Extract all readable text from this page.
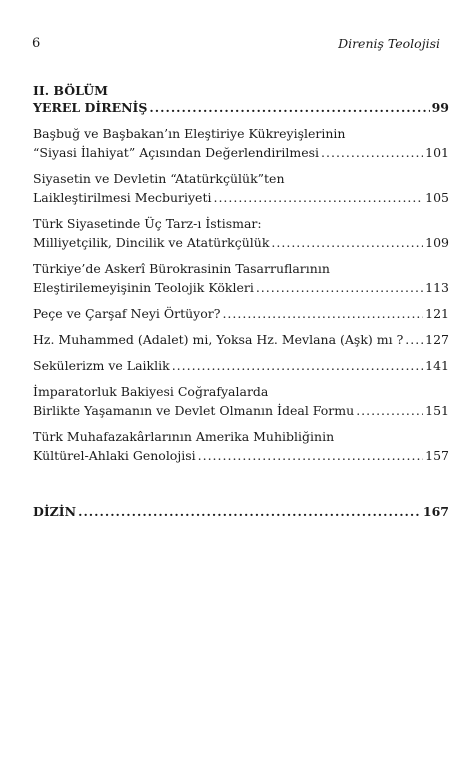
6	Direniş Teolojisi
II. BÖLÜM
YEREL DİRENİŞ .....	99
Başbuğ ve Başbakan’ın Eleştiriye Kükreyişlerinin
“Siyasi İlahiyat” Açısından Değerlendirilmesi .....	101
Siyasetin ve Devletin “Atatürkçülük”ten
Laikleştirilmesi Mecburiyeti .....	105
Türk Siyasetinde Üç Tarz-ı İstismar:
Milliyetçilik, Dincilik ve Atatürkçülük .....	109
Türkiye’de Askerî Bürokrasinin Tasarruflarının
Eleştirilemeyişinin Teolojik Kökleri .....	113
Peçe ve Çarşaf Neyi Örtüyor? .....	121
Hz. Muhammed (Adalet) mi, Yoksa Hz. Mevlana (Aşk) mı ? ..... 127
Sekülerizm ve Laiklik .....	141
İmparatorluk Bakiyesi Coğrafyalarda
Birlikte Yaşamanın ve Devlet Olmanın İdeal Formu .....	151
Türk Muhafazakârlarının Amerika Muhibliğinin
Kültürel-Ahlaki Genolojisi .....	157
DİZİN .....	167
